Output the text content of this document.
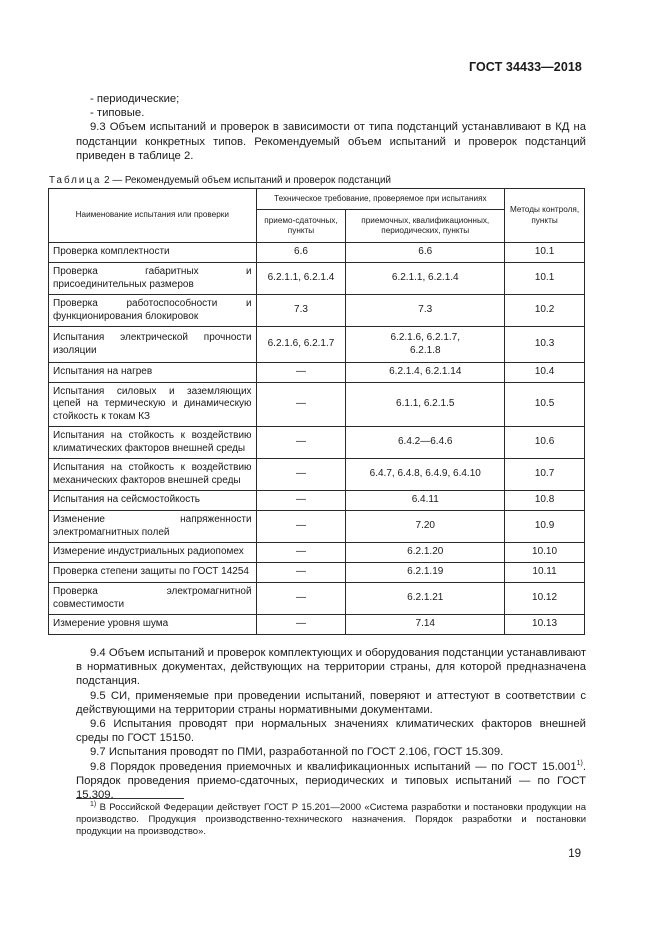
ГОСТ 34433—2018

- периодические;

- типовые.

9.3 Объем испытаний и проверок в зависимости от типа подстанций устанавливают в КД на подстанции конкретных типов. Рекомендуемый объем испытаний и проверок подстанций приведен в таблице 2.

Таблица 2 — Рекомендуемый объем испытаний и проверок подстанций
Наименование испытания или проверки	Техническое требование, проверяемое при испытаниях		Методы контроля, пункты
	приемо-сдаточных, пункты	приемочных, квалификационных, периодических, пункты	
Проверка комплектности	6.6	6.6	10.1
Проверка габаритных и присоединительных размеров	6.2.1.1, 6.2.1.4	6.2.1.1, 6.2.1.4	10.1
Проверка работоспособности и функционирования блокировок	7.3	7.3	10.2
Испытания электрической прочности изоляции	6.2.1.6, 6.2.1.7	6.2.1.6, 6.2.1.7, 6.2.1.8	10.3
Испытания на нагрев	—	6.2.1.4, 6.2.1.14	10.4
Испытания силовых и заземляющих цепей на термическую и динамическую стойкость к токам КЗ	—	6.1.1, 6.2.1.5	10.5
Испытания на стойкость к воздействию климатических факторов внешней среды	—	6.4.2—6.4.6	10.6
Испытания на стойкость к воздействию механических факторов внешней среды	—	6.4.7, 6.4.8, 6.4.9, 6.4.10	10.7
Испытания на сейсмостойкость	—	6.4.11	10.8
Изменение напряженности электромагнитных полей	—	7.20	10.9
Измерение индустриальных радиопомех	—	6.2.1.20	10.10
Проверка степени защиты по ГОСТ 14254	—	6.2.1.19	10.11
Проверка электромагнитной совместимости	—	6.2.1.21	10.12
Измерение уровня шума	—	7.14	10.13

9.4 Объем испытаний и проверок комплектующих и оборудования подстанции устанавливают в нормативных документах, действующих на территории страны, для которой предназначена подстанция.

9.5 СИ, применяемые при проведении испытаний, поверяют и аттестуют в соответствии с действующими на территории страны нормативными документами.

9.6 Испытания проводят при нормальных значениях климатических факторов внешней среды по ГОСТ 15150.

9.7 Испытания проводят по ПМИ, разработанной по ГОСТ 2.106, ГОСТ 15.309.

9.8 Порядок проведения приемочных и квалификационных испытаний — по ГОСТ 15.001$^{1)}$. Порядок проведения приемо-сдаточных, периодических и типовых испытаний — по ГОСТ 15.309.

$^{1)}$ В Российской Федерации действует ГОСТ Р 15.201—2000 «Система разработки и постановки продукции на производство. Продукция производственно-технического назначения. Порядок разработки и постановки продукции на производство».
19
